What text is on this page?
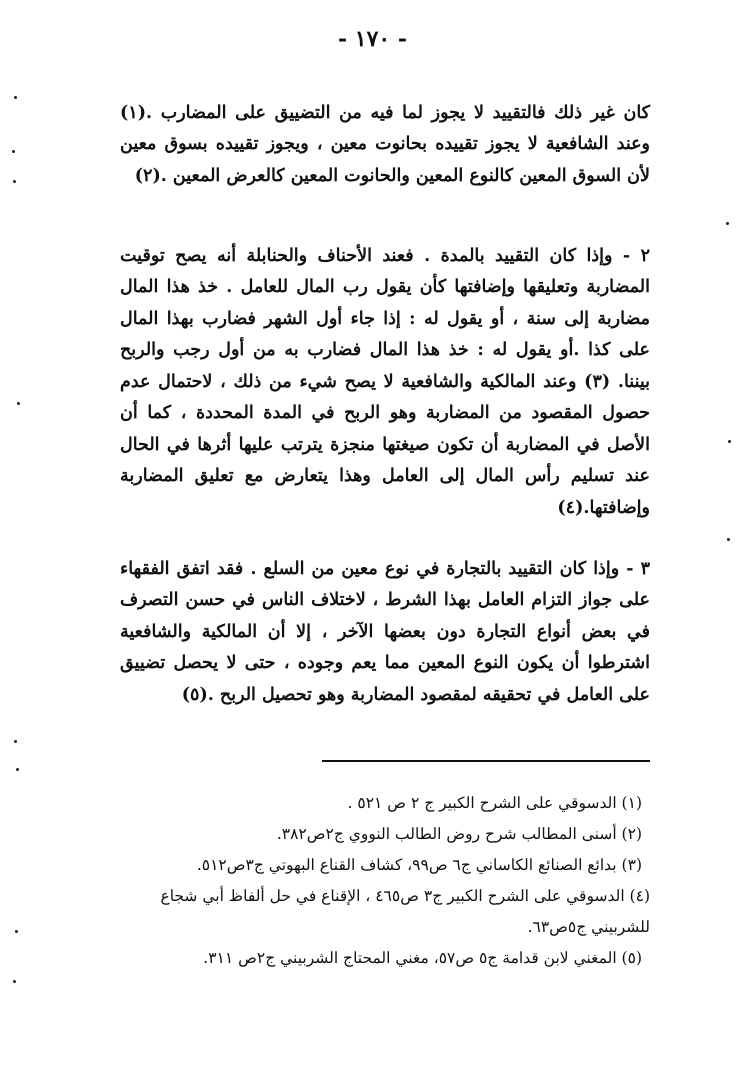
- ١٧٠ -

كان غير ذلك فالتقييد لا يجوز لما فيه من التضييق على المضارب .(١) وعند الشافعية لا يجوز تقييده بحانوت معين ، ويجوز تقييده بسوق معين لأن السوق المعين كالنوع المعين والحانوت المعين كالعرض المعين .(٢)

٢ - وإذا كان التقييد بالمدة . فعند الأحناف والحنابلة أنه يصح توقيت المضاربة وتعليقها وإضافتها كأن يقول رب المال للعامل . خذ هذا المال مضاربة إلى سنة ، أو يقول له : إذا جاء أول الشهر فضارب بهذا المال على كذا .أو يقول له : خذ هذا المال فضارب به من أول رجب والربح بيننا. (٣) وعند المالكية والشافعية لا يصح شيء من ذلك ، لاحتمال عدم حصول المقصود من المضاربة وهو الربح في المدة المحددة ، كما أن الأصل في المضاربة أن تكون صيغتها منجزة يترتب عليها أثرها في الحال عند تسليم رأس المال إلى العامل وهذا يتعارض مع تعليق المضاربة وإضافتها.(٤)

٣ - وإذا كان التقييد بالتجارة في نوع معين من السلع . فقد اتفق الفقهاء على جواز التزام العامل بهذا الشرط ، لاختلاف الناس في حسن التصرف في بعض أنواع التجارة دون بعضها الآخر ، إلا أن المالكية والشافعية اشترطوا أن يكون النوع المعين مما يعم وجوده ، حتى لا يحصل تضييق على العامل في تحقيقه لمقصود المضاربة وهو تحصيل الربح .(٥)

(١) الدسوقي على الشرح الكبير ج ٢ ص ٥٢١ .

(٢) أسنى المطالب شرح روض الطالب النووي ج٢ص٣٨٢.

(٣) بدائع الصنائع الكاساني ج٦ ص٩٩، كشاف القناع البهوتي ج٣ص٥١٢.

(٤) الدسوقي على الشرح الكبير ج٣ ص٤٦٥ ، الإقناع في حل ألفاظ أبي شجاع للشربيني ج٥ص٦٣.

(٥) المغني لابن قدامة ج٥ ص٥٧، مغني المحتاج الشربيني ج٢ص ٣١١.
